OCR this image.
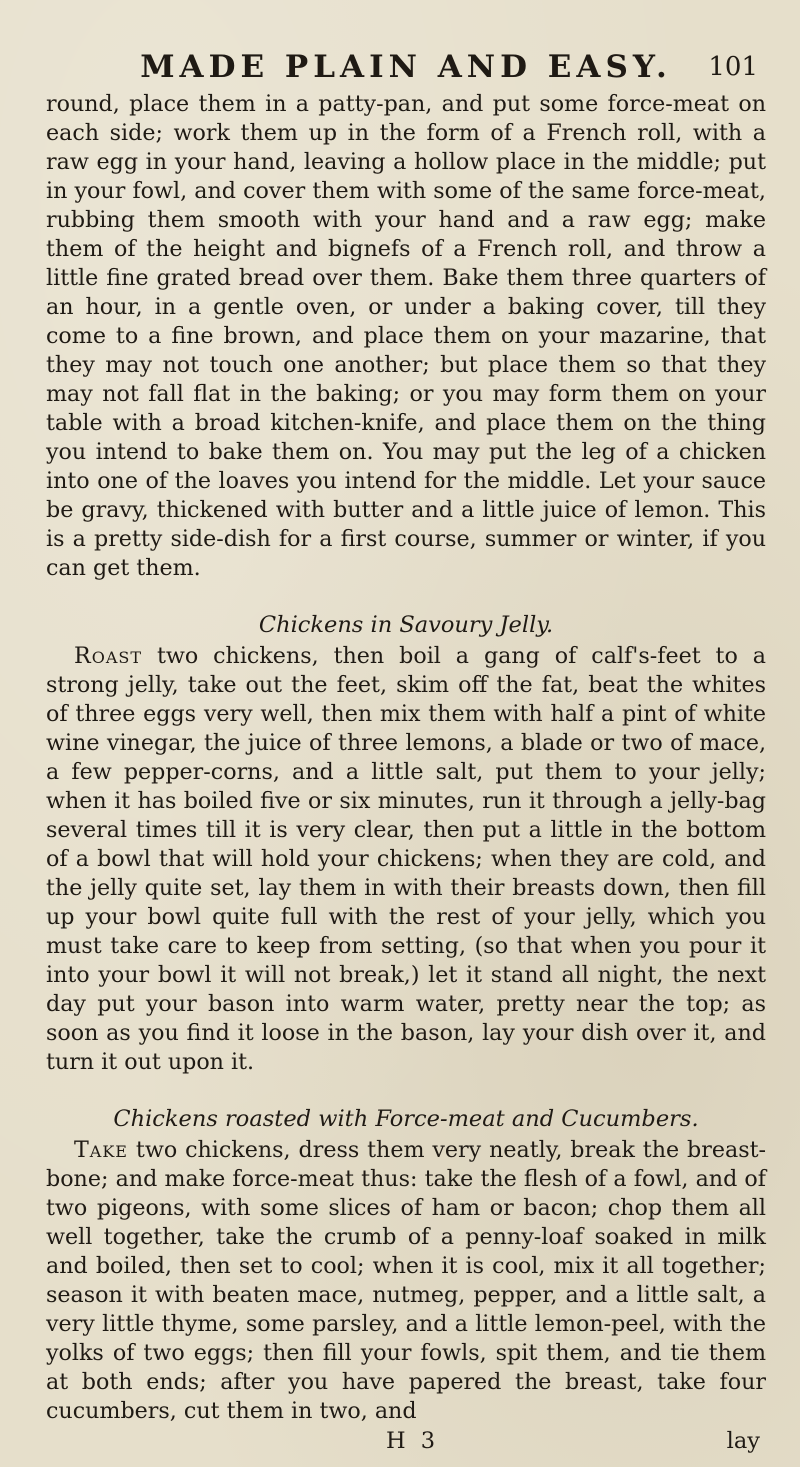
MADE PLAIN AND EASY. 101

round, place them in a patty-pan, and put some force-meat on each side; work them up in the form of a French roll, with a raw egg in your hand, leaving a hollow place in the middle; put in your fowl, and cover them with some of the same force-meat, rubbing them smooth with your hand and a raw egg; make them of the height and bignefs of a French roll, and throw a little fine grated bread over them. Bake them three quarters of an hour, in a gentle oven, or under a baking cover, till they come to a fine brown, and place them on your mazarine, that they may not touch one another; but place them so that they may not fall flat in the baking; or you may form them on your table with a broad kitchen-knife, and place them on the thing you intend to bake them on. You may put the leg of a chicken into one of the loaves you intend for the middle. Let your sauce be gravy, thickened with butter and a little juice of lemon. This is a pretty side-dish for a first course, summer or winter, if you can get them.

Chickens in Savoury Jelly.

Roast two chickens, then boil a gang of calf's-feet to a strong jelly, take out the feet, skim off the fat, beat the whites of three eggs very well, then mix them with half a pint of white wine vinegar, the juice of three lemons, a blade or two of mace, a few pepper-corns, and a little salt, put them to your jelly; when it has boiled five or six minutes, run it through a jelly-bag several times till it is very clear, then put a little in the bottom of a bowl that will hold your chickens; when they are cold, and the jelly quite set, lay them in with their breasts down, then fill up your bowl quite full with the rest of your jelly, which you must take care to keep from setting, (so that when you pour it into your bowl it will not break,) let it stand all night, the next day put your bason into warm water, pretty near the top; as soon as you find it loose in the bason, lay your dish over it, and turn it out upon it.

Chickens roasted with Force-meat and Cucumbers.

Take two chickens, dress them very neatly, break the breast-bone; and make force-meat thus: take the flesh of a fowl, and of two pigeons, with some slices of ham or bacon; chop them all well together, take the crumb of a penny-loaf soaked in milk and boiled, then set to cool; when it is cool, mix it all together; season it with beaten mace, nutmeg, pepper, and a little salt, a very little thyme, some parsley, and a little lemon-peel, with the yolks of two eggs; then fill your fowls, spit them, and tie them at both ends; after you have papered the breast, take four cucumbers, cut them in two, and

H 3	lay
